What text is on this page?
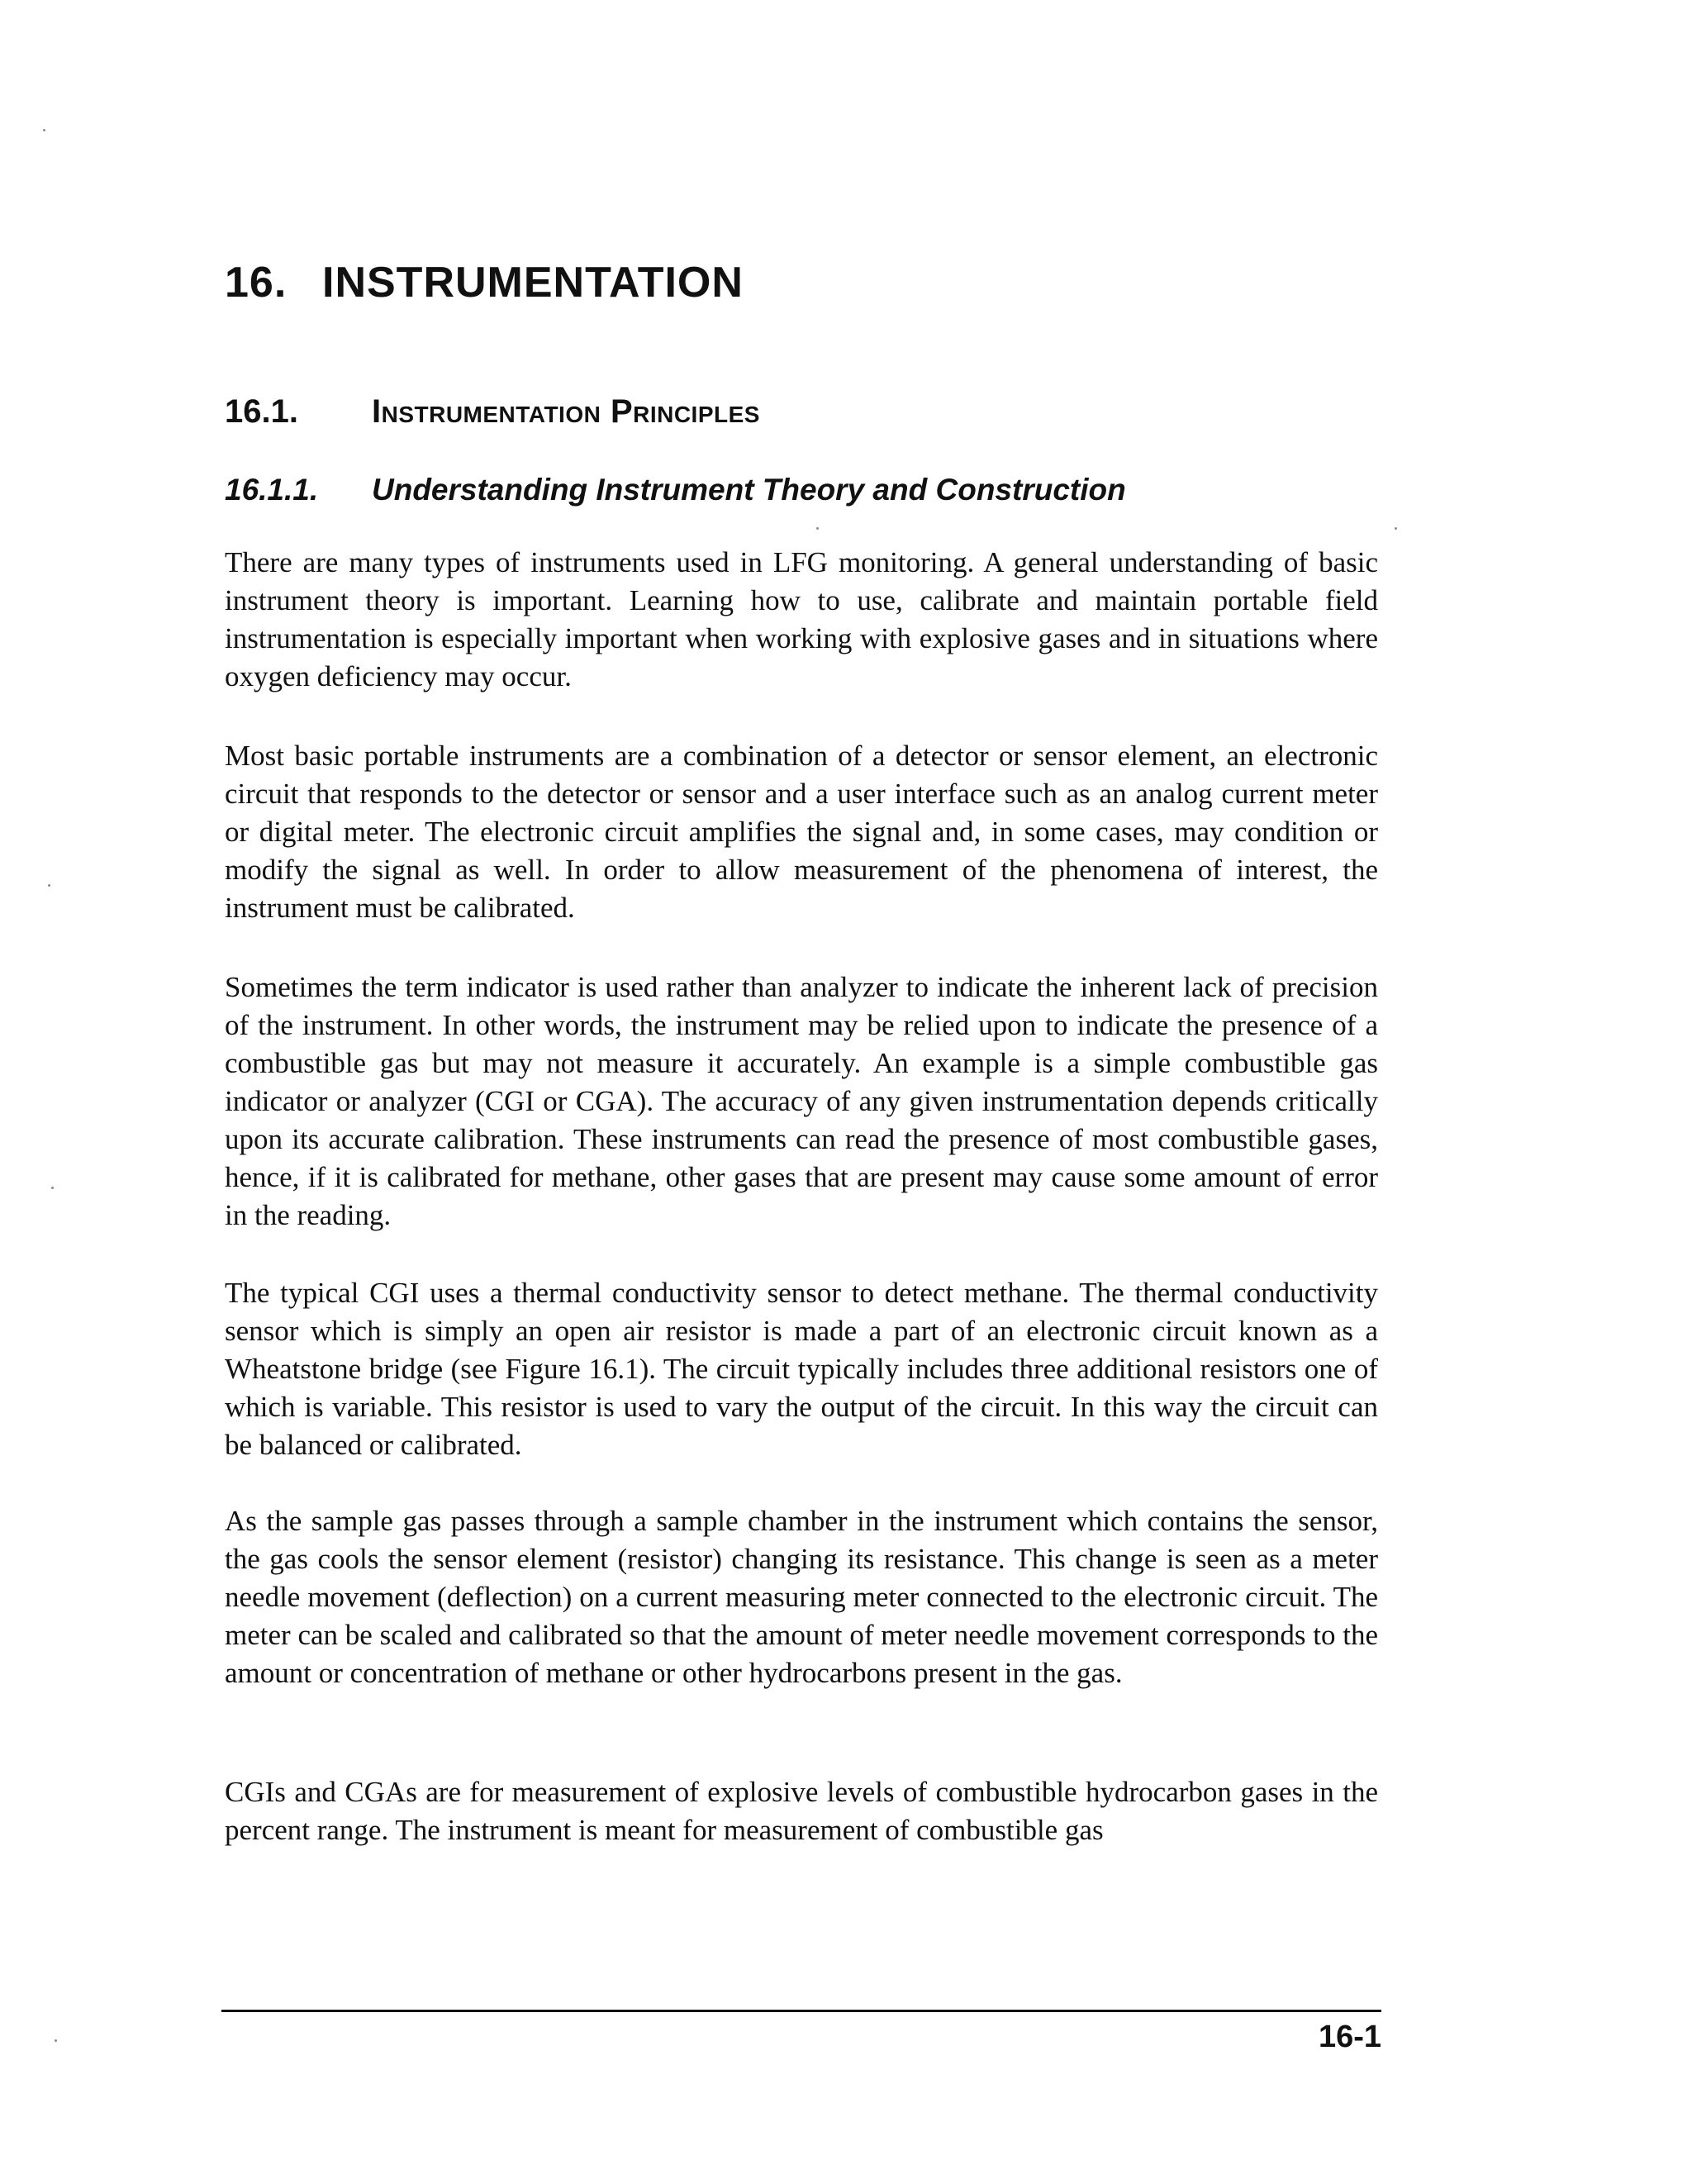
16. INSTRUMENTATION
16.1. Instrumentation Principles
16.1.1. Understanding Instrument Theory and Construction

There are many types of instruments used in LFG monitoring. A general understanding of basic instrument theory is important. Learning how to use, calibrate and maintain portable field instrumentation is especially important when working with explosive gases and in situations where oxygen deficiency may occur.

Most basic portable instruments are a combination of a detector or sensor element, an electronic circuit that responds to the detector or sensor and a user interface such as an analog current meter or digital meter. The electronic circuit amplifies the signal and, in some cases, may condition or modify the signal as well. In order to allow measurement of the phenomena of interest, the instrument must be calibrated.

Sometimes the term indicator is used rather than analyzer to indicate the inherent lack of precision of the instrument. In other words, the instrument may be relied upon to indicate the presence of a combustible gas but may not measure it accurately. An example is a simple combustible gas indicator or analyzer (CGI or CGA). The accuracy of any given instrumentation depends critically upon its accurate calibration. These instruments can read the presence of most combustible gases, hence, if it is calibrated for methane, other gases that are present may cause some amount of error in the reading.

The typical CGI uses a thermal conductivity sensor to detect methane. The thermal conductivity sensor which is simply an open air resistor is made a part of an electronic circuit known as a Wheatstone bridge (see Figure 16.1). The circuit typically includes three additional resistors one of which is variable. This resistor is used to vary the output of the circuit. In this way the circuit can be balanced or calibrated.

As the sample gas passes through a sample chamber in the instrument which contains the sensor, the gas cools the sensor element (resistor) changing its resistance. This change is seen as a meter needle movement (deflection) on a current measuring meter connected to the electronic circuit. The meter can be scaled and calibrated so that the amount of meter needle movement corresponds to the amount or concentration of methane or other hydrocarbons present in the gas.

CGIs and CGAs are for measurement of explosive levels of combustible hydrocarbon gases in the percent range. The instrument is meant for measurement of combustible gas

16-1
